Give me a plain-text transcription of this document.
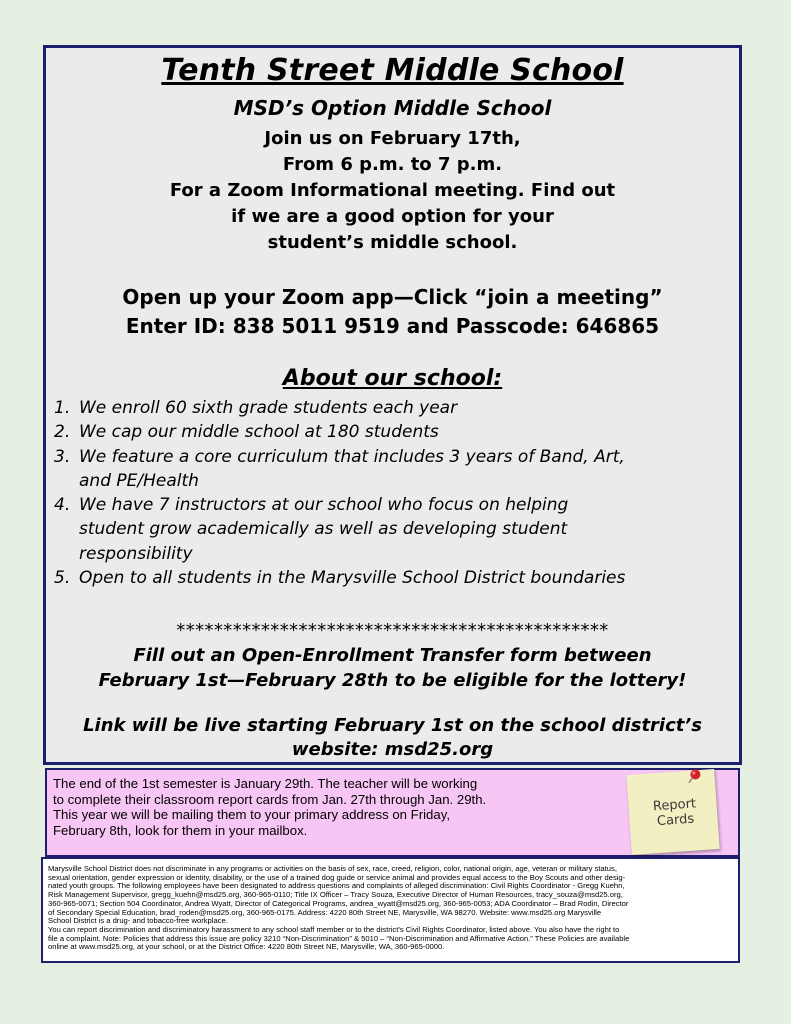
Tenth Street Middle School
MSD’s Option Middle School
Join us on February 17th,
From 6 p.m. to 7 p.m.
For a Zoom Informational meeting. Find out
if we are a good option for your
student’s middle school.
Open up your Zoom app—Click “join a meeting”
Enter ID: 838 5011 9519 and Passcode: 646865
About our school:
1. We enroll 60 sixth grade students each year
2. We cap our middle school at 180 students
3. We feature a core curriculum that includes 3 years of Band, Art,
and PE/Health
4. We have 7 instructors at our school who focus on helping
student grow academically as well as developing student
responsibility
5. Open to all students in the Marysville School District boundaries
**********************************************
Fill out an Open-Enrollment Transfer form between
February 1st—February 28th to be eligible for the lottery!
Link will be live starting February 1st on the school district’s
website: msd25.org
The end of the 1st semester is January 29th. The teacher will be working
to complete their classroom report cards from Jan. 27th through Jan. 29th.
This year we will be mailing them to your primary address on Friday,
February 8th, look for them in your mailbox.
Report
Cards
Marysville School District does not discriminate in any programs or activities on the basis of sex, race, creed, religion, color, national origin, age, veteran or military status,
sexual orientation, gender expression or identity, disability, or the use of a trained dog guide or service animal and provides equal access to the Boy Scouts and other desig-
nated youth groups. The following employees have been designated to address questions and complaints of alleged discrimination: Civil Rights Coordinator - Gregg Kuehn,
Risk Management Supervisor, gregg_kuehn@msd25.org, 360-965-0110; Title IX Officer – Tracy Souza, Executive Director of Human Resources, tracy_souza@msd25.org,
360-965-0071; Section 504 Coordinator, Andrea Wyatt, Director of Categorical Programs, andrea_wyatt@msd25.org, 360-965-0053; ADA Coordinator – Brad Rodin, Director
of Secondary Special Education, brad_roden@msd25.org, 360-965-0175. Address: 4220 80th Street NE, Marysville, WA 98270. Website: www.msd25.org Marysville
School District is a drug- and tobacco-free workplace.
You can report discrimination and discriminatory harassment to any school staff member or to the district’s Civil Rights Coordinator, listed above. You also have the right to
file a complaint. Note: Policies that address this issue are policy 3210 “Non-Discrimination” & 5010 – “Non-Discrimination and Affirmative Action.” These Policies are available
online at www.msd25.org, at your school, or at the District Office: 4220 80th Street NE, Marysville, WA, 360-965-0000.
